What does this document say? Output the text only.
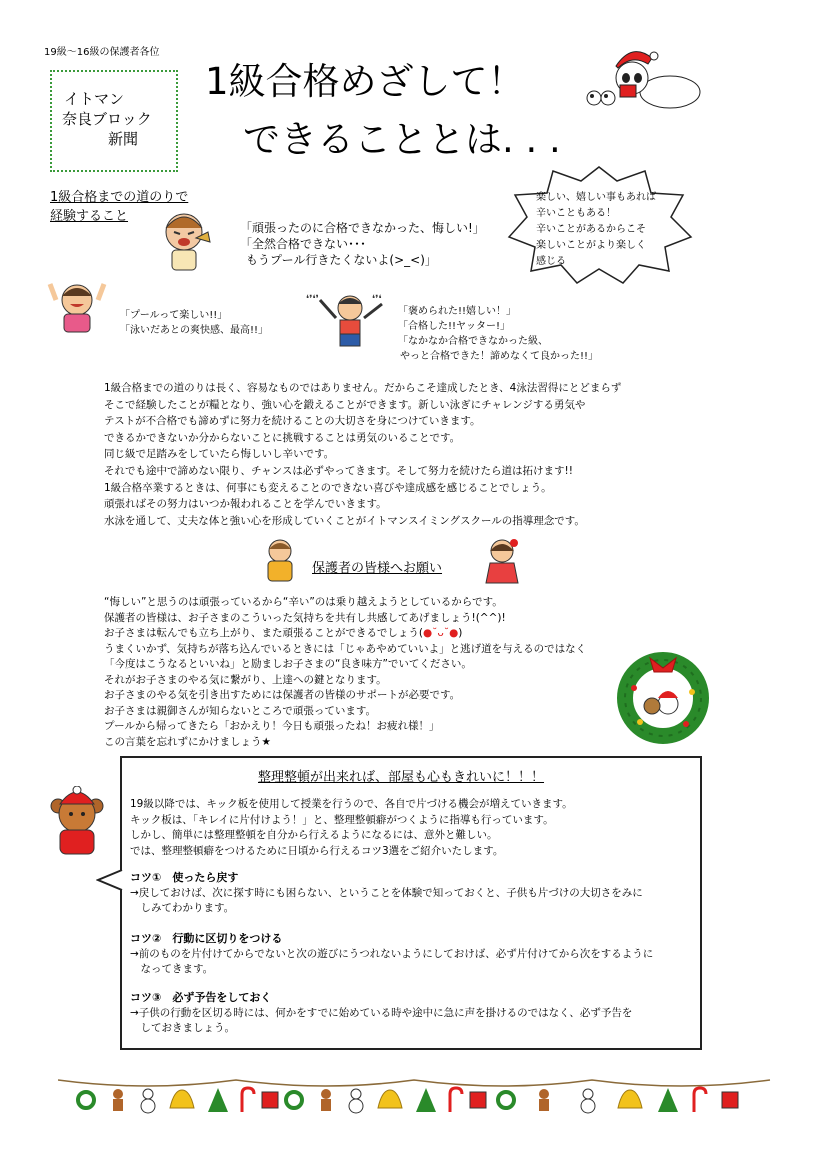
19級～16級の保護者各位
イトマン
奈良ブロック
新聞
1級合格めざして！
できることとは. . .
1級合格までの道のりで
経験すること
楽しい、嬉しい事もあれば
辛いこともある！
辛いことがあるからこそ
楽しいことがより楽しく
感じる
「頑張ったのに合格できなかった、悔しい!」
「全然合格できない･･･
もうプール行きたくないよ(>_<)」
「プールって楽しい!!」
「泳いだあとの爽快感、最高!!」
❛❜❛❜	❛❜❛
「褒められた!!嬉しい！」
「合格した!!ヤッター!」
「なかなか合格できなかった級、
やっと合格できた！諦めなくて良かった!!」
1級合格までの道のりは長く、容易なものではありません。だからこそ達成したとき、4泳法習得にとどまらず
そこで経験したことが糧となり、強い心を鍛えることができます。新しい泳ぎにチャレンジする勇気や
テストが不合格でも諦めずに努力を続けることの大切さを身につけていきます。
できるかできないか分からないことに挑戦することは勇気のいることです。
同じ級で足踏みをしていたら悔しいし辛いです。
それでも途中で諦めない限り、チャンスは必ずやってきます。そして努力を続けたら道は拓けます!!
1級合格卒業するときは、何事にも変えることのできない喜びや達成感を感じることでしょう。
頑張ればその努力はいつか報われることを学んでいきます。
水泳を通して、丈夫な体と強い心を形成していくことがイトマンスイミングスクールの指導理念です。
保護者の皆様へお願い
“悔しい”と思うのは頑張っているから“辛い”のは乗り越えようとしているからです。
保護者の皆様は、お子さまのこういった気持ちを共有し共感してあげましょう!(^^)!
お子さまは転んでも立ち上がり、また頑張ることができるでしょう(●˘ᴗ˘●)
うまくいかず、気持ちが落ち込んでいるときには「じゃあやめていいよ」と逃げ道を与えるのではなく
「今度はこうなるといいね」と励ましお子さまの“良き味方”でいてください。
それがお子さまのやる気に繋がり、上達への鍵となります。
お子さまのやる気を引き出すためには保護者の皆様のサポートが必要です。
お子さまは親御さんが知らないところで頑張っています。
プールから帰ってきたら「おかえり！今日も頑張ったね！お疲れ様！」
この言葉を忘れずにかけましょう★
整理整頓が出来れば、部屋も心もきれいに！！！
19級以降では、キック板を使用して授業を行うので、各自で片づける機会が増えていきます。
キック板は、「キレイに片付けよう！」と、整理整頓癖がつくように指導も行っています。
しかし、簡単には整理整頓を自分から行えるようになるには、意外と難しい。
では、整理整頓癖をつけるために日頃から行えるコツ3選をご紹介いたします。
コツ①　使ったら戻す
→戻しておけば、次に探す時にも困らない、ということを体験で知っておくと、子供も片づけの大切さをみに
　しみてわかります。
コツ②　行動に区切りをつける
→前のものを片付けてからでないと次の遊びにうつれないようにしておけば、必ず片付けてから次をするように
　なってきます。
コツ③　必ず予告をしておく
→子供の行動を区切る時には、何かをすでに始めている時や途中に急に声を掛けるのではなく、必ず予告を
　しておきましょう。
